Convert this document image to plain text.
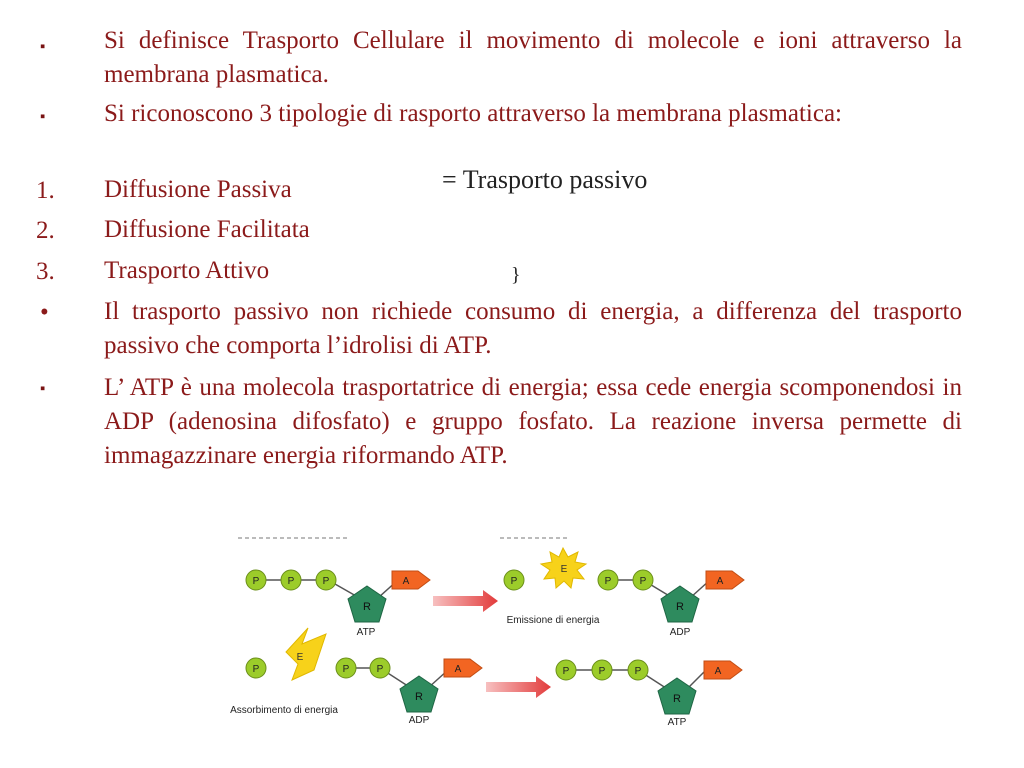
▪
▪
1.
2.
3.
•
▪
Si definisce Trasporto Cellulare il movimento di molecole e ioni attraverso la membrana plasmatica.
Si riconoscono 3 tipologie di rasporto attraverso la membrana plasmatica:
Diffusione Passiva
Diffusione Facilitata
Trasporto Attivo
Il trasporto passivo non richiede consumo di energia, a differenza del trasporto passivo che comporta l’idrolisi di ATP.
L’ ATP è una molecola trasportatrice di energia; essa cede energia scomponendosi in ADP (adenosina difosfato) e gruppo fosfato. La reazione inversa permette di immagazzinare energia riformando ATP.
= Trasporto passivo
}
P	P	P
R
A
ATP
P
E
Emissione di energia
P	P
R
A
ADP
P
E
Assorbimento di energia
P	P
R
A
ADP
P	P	P
R
A
ATP
